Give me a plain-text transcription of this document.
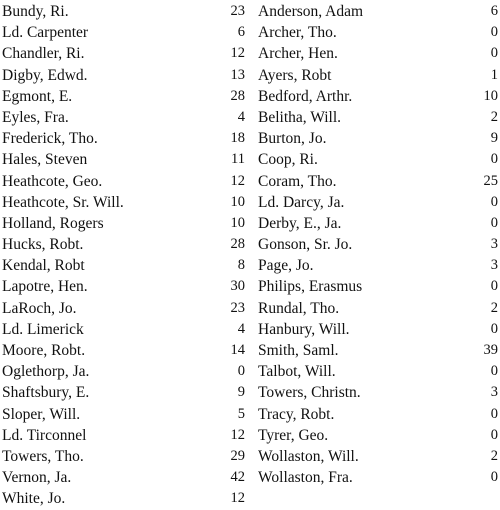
Bundy, Ri.	23
Ld. Carpenter	6
Chandler, Ri.	12
Digby, Edwd.	13
Egmont, E.	28
Eyles, Fra.	4
Frederick, Tho.	18
Hales, Steven	11
Heathcote, Geo.	12
Heathcote, Sr. Will.	10
Holland, Rogers	10
Hucks, Robt.	28
Kendal, Robt	8
Lapotre, Hen.	30
LaRoch, Jo.	23
Ld. Limerick	4
Moore, Robt.	14
Oglethorp, Ja.	0
Shaftsbury, E.	9
Sloper, Will.	5
Ld. Tirconnel	12
Towers, Tho.	29
Vernon, Ja.	42
White, Jo.	12
Anderson, Adam	6
Archer, Tho.	0
Archer, Hen.	0
Ayers, Robt	1
Bedford, Arthr.	10
Belitha, Will.	2
Burton, Jo.	9
Coop, Ri.	0
Coram, Tho.	25
Ld. Darcy, Ja.	0
Derby, E., Ja.	0
Gonson, Sr. Jo.	3
Page, Jo.	3
Philips, Erasmus	0
Rundal, Tho.	2
Hanbury, Will.	0
Smith, Saml.	39
Talbot, Will.	0
Towers, Christn.	3
Tracy, Robt.	0
Tyrer, Geo.	0
Wollaston, Will.	2
Wollaston, Fra.	0
